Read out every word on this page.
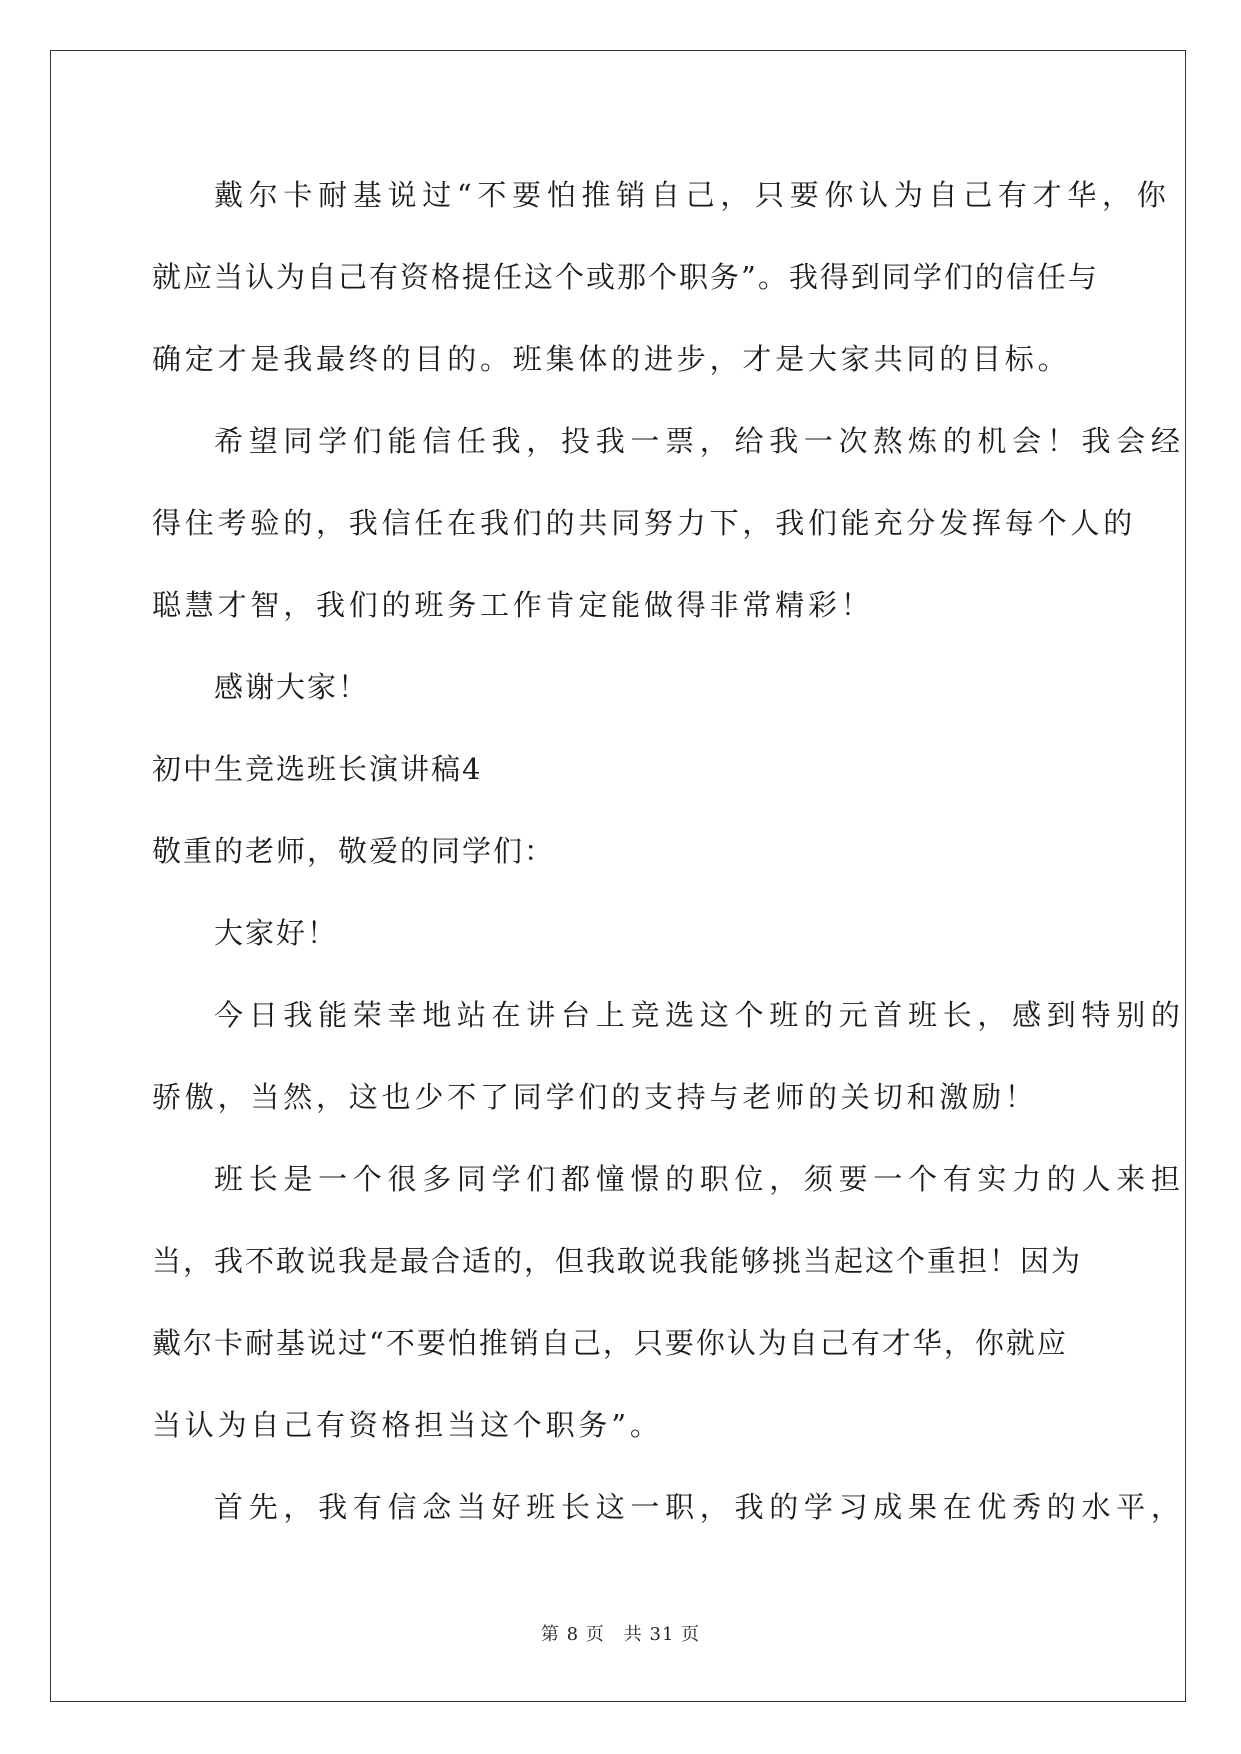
戴尔卡耐基说过“不要怕推销自己，只要你认为自己有才华，你

就应当认为自己有资格提任这个或那个职务”。我得到同学们的信任与

确定才是我最终的目的。班集体的进步，才是大家共同的目标。

希望同学们能信任我，投我一票，给我一次熬炼的机会！我会经

得住考验的，我信任在我们的共同努力下，我们能充分发挥每个人的

聪慧才智，我们的班务工作肯定能做得非常精彩！

感谢大家！

初中生竞选班长演讲稿4

敬重的老师，敬爱的同学们：

大家好！

今日我能荣幸地站在讲台上竞选这个班的元首班长，感到特别的

骄傲，当然，这也少不了同学们的支持与老师的关切和激励！

班长是一个很多同学们都憧憬的职位，须要一个有实力的人来担

当，我不敢说我是最合适的，但我敢说我能够挑当起这个重担！因为

戴尔卡耐基说过“不要怕推销自己，只要你认为自己有才华，你就应

当认为自己有资格担当这个职务”。

首先，我有信念当好班长这一职，我的学习成果在优秀的水平，

第 8 页　共 31 页
